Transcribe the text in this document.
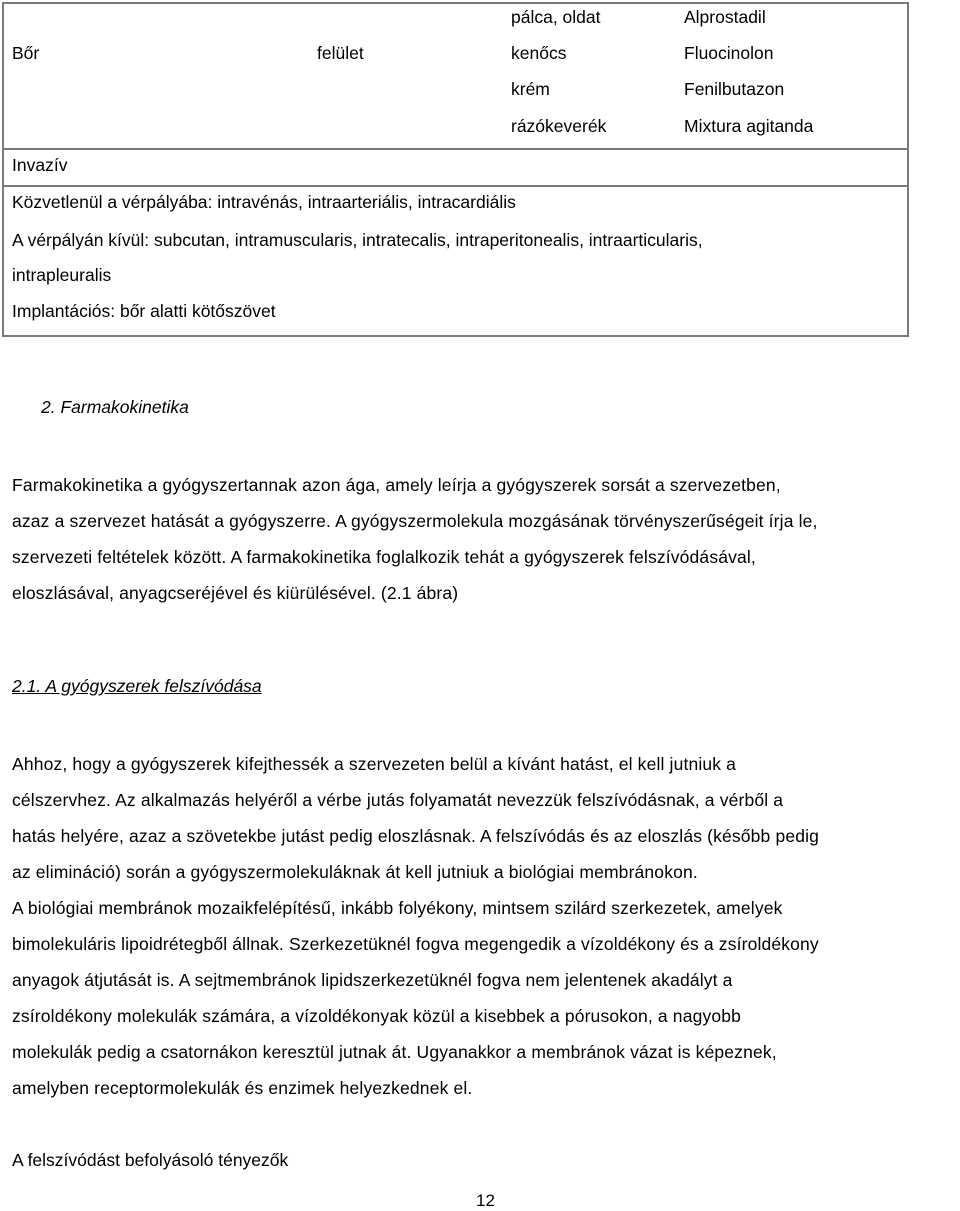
Bőr	felület
pálca, oldat
kenőcs
krém
rázókeverék
Alprostadil
Fluocinolon
Fenilbutazon
Mixtura agitanda
Invazív
Közvetlenül a vérpályába: intravénás, intraarteriális, intracardiális
A vérpályán kívül: subcutan, intramuscularis, intratecalis, intraperitonealis, intraarticularis,
intrapleuralis
Implantációs: bőr alatti kötőszövet
2. Farmakokinetika
Farmakokinetika a gyógyszertannak azon ága, amely leírja a gyógyszerek sorsát a szervezetben,
azaz a szervezet hatását a gyógyszerre. A gyógyszermolekula mozgásának törvényszerűségeit írja le,
szervezeti feltételek között. A farmakokinetika foglalkozik tehát a gyógyszerek felszívódásával,
eloszlásával, anyagcseréjével és kiürülésével. (2.1 ábra)
2.1. A gyógyszerek felszívódása
Ahhoz, hogy a gyógyszerek kifejthessék a szervezeten belül a kívánt hatást, el kell jutniuk a
célszervhez. Az alkalmazás helyéről a vérbe jutás folyamatát nevezzük felszívódásnak, a vérből a
hatás helyére, azaz a szövetekbe jutást pedig eloszlásnak. A felszívódás és az eloszlás (később pedig
az elimináció) során a gyógyszermolekuláknak át kell jutniuk a biológiai membránokon.
A biológiai membránok mozaikfelépítésű, inkább folyékony, mintsem szilárd szerkezetek, amelyek
bimolekuláris lipoidrétegből állnak. Szerkezetüknél fogva megengedik a vízoldékony és a zsíroldékony
anyagok átjutását is. A sejtmembránok lipidszerkezetüknél fogva nem jelentenek akadályt a
zsíroldékony molekulák számára, a vízoldékonyak közül a kisebbek a pórusokon, a nagyobb
molekulák pedig a csatornákon keresztül jutnak át. Ugyanakkor a membránok vázat is képeznek,
amelyben receptormolekulák és enzimek helyezkednek el.
A felszívódást befolyásoló tényezők
12
